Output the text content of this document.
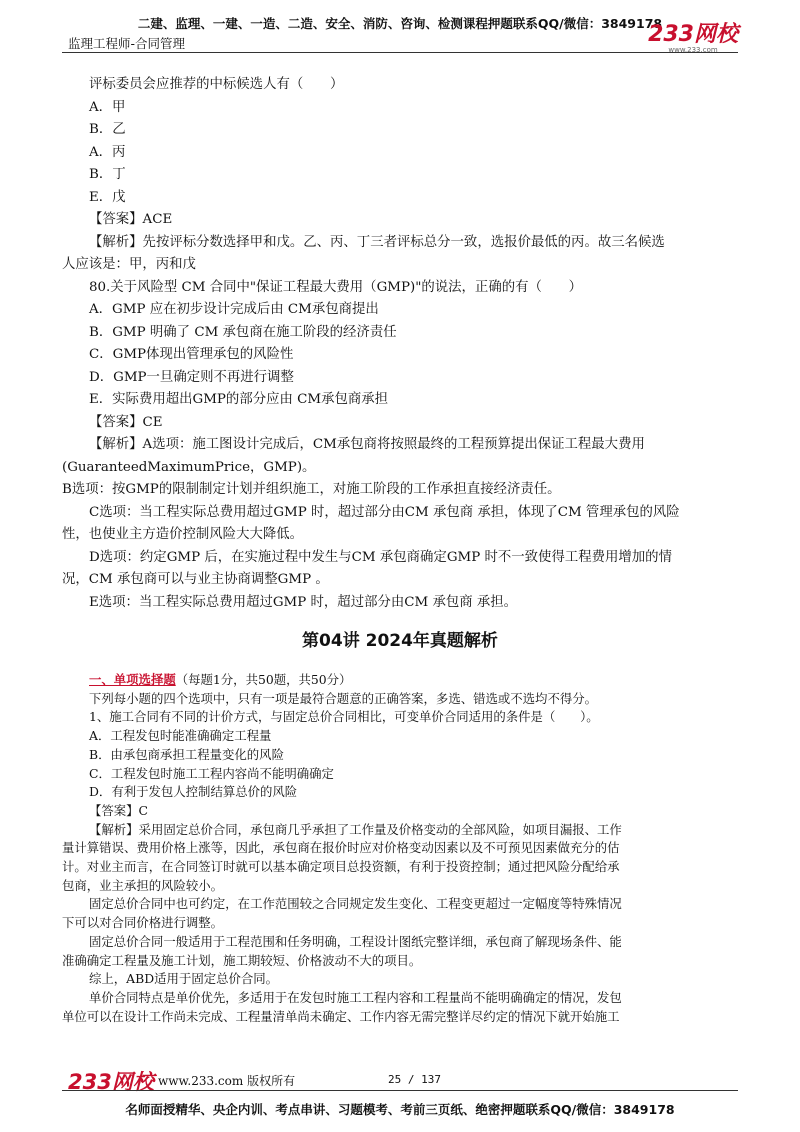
二建、监理、一建、一造、二造、安全、消防、咨询、检测课程押题联系QQ/微信：3849178
监理工程师-合同管理	233网校
www.233.com

评标委员会应推荐的中标候选人有（　　）

A．甲

B．乙

A．丙

B．丁

E．戊

【答案】ACE

【解析】先按评标分数选择甲和戊。乙、丙、丁三者评标总分一致，选报价最低的丙。故三名候选

人应该是：甲，丙和戊

80.关于风险型 CM 合同中"保证工程最大费用（GMP)"的说法，正确的有（　　）

A．GMP 应在初步设计完成后由 CM承包商提出

B．GMP 明确了 CM 承包商在施工阶段的经济责任

C．GMP体现出管理承包的风险性

D．GMP一旦确定则不再进行调整

E．实际费用超出GMP的部分应由 CM承包商承担

【答案】CE

【解析】A选项：施工图设计完成后，CM承包商将按照最终的工程预算提出保证工程最大费用

(GuaranteedMaximumPrice，GMP)。

B选项：按GMP的限制制定计划并组织施工，对施工阶段的工作承担直接经济责任。

C选项：当工程实际总费用超过GMP 时，超过部分由CM 承包商 承担，体现了CM 管理承包的风险

性，也使业主方造价控制风险大大降低。

D选项：约定GMP 后，在实施过程中发生与CM 承包商确定GMP 时不一致使得工程费用增加的情

况，CM 承包商可以与业主协商调整GMP 。

E选项：当工程实际总费用超过GMP 时，超过部分由CM 承包商 承担。

第04讲 2024年真题解析

一、单项选择题（每题1分，共50题，共50分）

下列每小题的四个选项中，只有一项是最符合题意的正确答案，多选、错选或不选均不得分。

1、施工合同有不同的计价方式，与固定总价合同相比，可变单价合同适用的条件是（　　）。

A．工程发包时能准确确定工程量

B．由承包商承担工程量变化的风险

C．工程发包时施工工程内容尚不能明确确定

D．有利于发包人控制结算总价的风险

【答案】C

【解析】采用固定总价合同，承包商几乎承担了工作量及价格变动的全部风险，如项目漏报、工作

量计算错误、费用价格上涨等，因此，承包商在报价时应对价格变动因素以及不可预见因素做充分的估

计。对业主而言，在合同签订时就可以基本确定项目总投资额，有利于投资控制；通过把风险分配给承

包商，业主承担的风险较小。

固定总价合同中也可约定，在工作范围较之合同规定发生变化、工程变更超过一定幅度等特殊情况

下可以对合同价格进行调整。

固定总价合同一般适用于工程范围和任务明确，工程设计图纸完整详细，承包商了解现场条件、能

准确确定工程量及施工计划，施工期较短、价格波动不大的项目。

综上，ABD适用于固定总价合同。

单价合同特点是单价优先，多适用于在发包时施工工程内容和工程量尚不能明确确定的情况，发包

单位可以在设计工作尚未完成、工程量清单尚未确定、工作内容无需完整详尽约定的情况下就开始施工

233网校 www.233.com 版权所有	25 / 137
名师面授精华、央企内训、考点串讲、习题模考、考前三页纸、绝密押题联系QQ/微信：3849178
